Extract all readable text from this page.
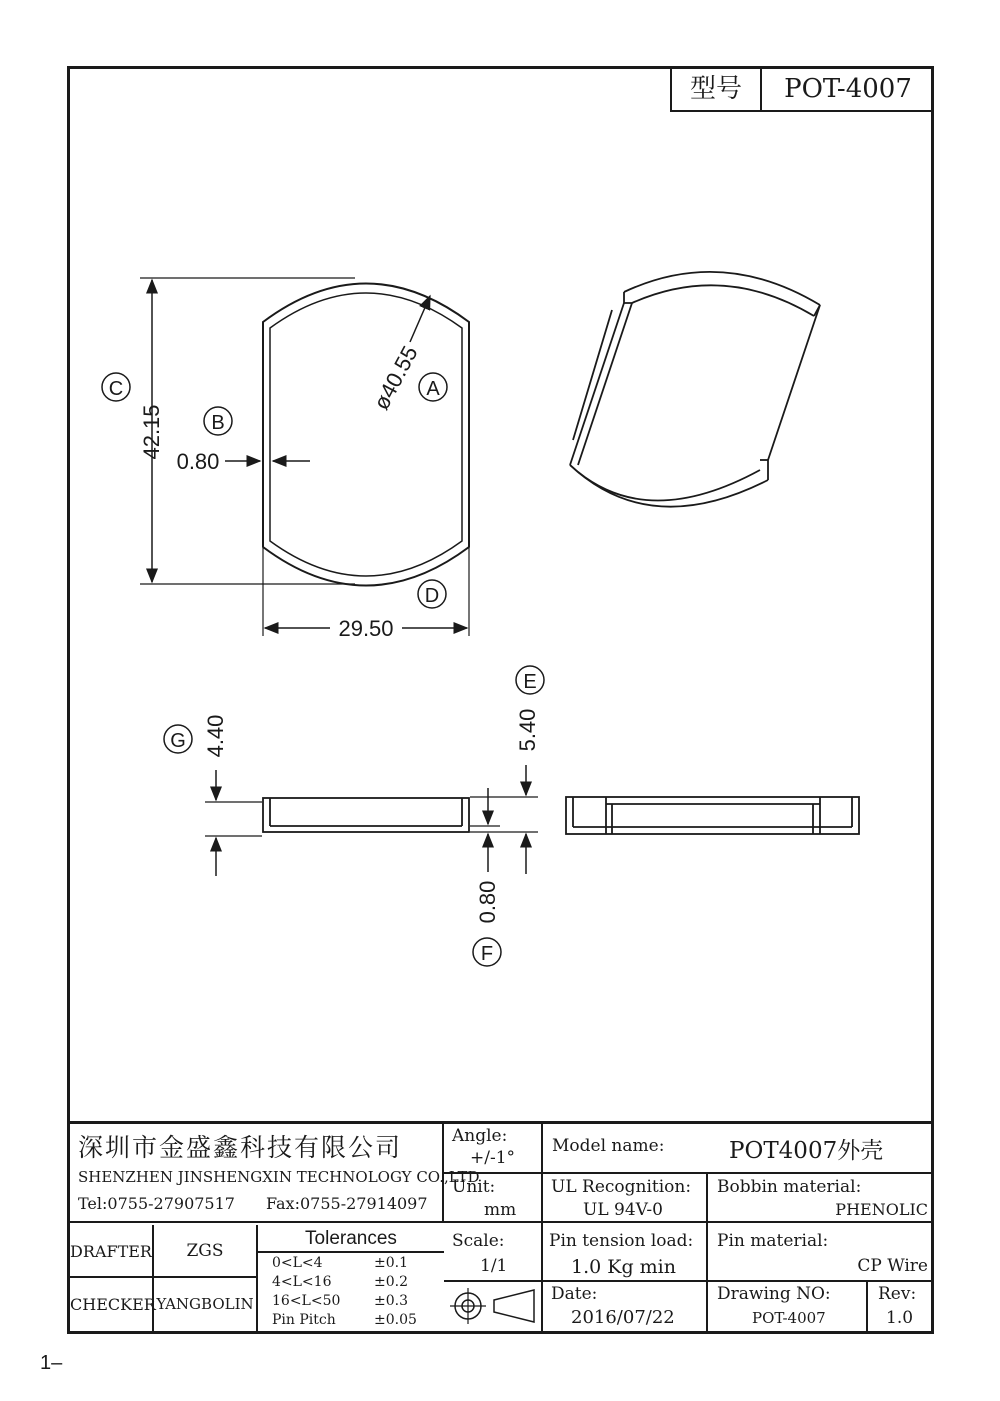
型号	POT-4007
42.15
C
0.80
B
ø40.55 A
29.50
D
4.40
G	5.40
E
0.80
F
深圳市金盛鑫科技有限公司
SHENZHEN JINSHENGXIN TECHNOLOGY CO.,LTD
Tel:0755-27907517 Fax:0755-27914097
Angle:
+/-1°
Unit:
mm
Scale:
1/1
Model name:	POT4007外壳
UL Recognition:
UL 94V-0
Bobbin material:
PHENOLIC
Pin tension load:
1.0 Kg min
Pin material:
CP Wire
Date:
2016/07/22
Drawing NO:
POT-4007
Rev:
1.0
DRAFTER	ZGS
CHECKER YANGBOLIN
Tolerances
0<L<4	±0.1
4<L<16	±0.2
16<L<50 ±0.3
Pin Pitch	±0.05
1–
